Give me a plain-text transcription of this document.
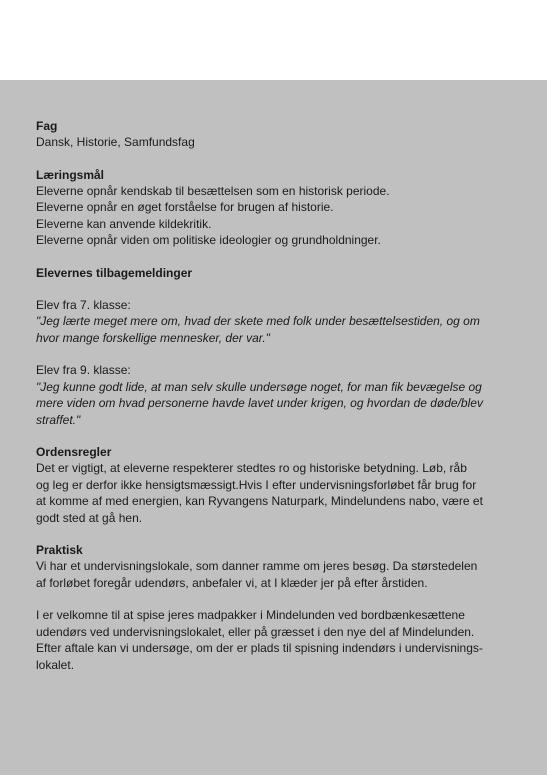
Fag
Dansk, Historie, Samfundsfag
Læringsmål
Eleverne opnår kendskab til besættelsen som en historisk periode.
Eleverne opnår en øget forståelse for brugen af historie.
Eleverne kan anvende kildekritik.
Eleverne opnår viden om politiske ideologier og grundholdninger.
Elevernes tilbagemeldinger
Elev fra 7. klasse:
"Jeg lærte meget mere om, hvad der skete med folk under besættelsestiden, og om
hvor mange forskellige mennesker, der var."
Elev fra 9. klasse:
"Jeg kunne godt lide, at man selv skulle undersøge noget, for man fik bevægelse og
mere viden om hvad personerne havde lavet under krigen, og hvordan de døde/blev
straffet."
Ordensregler
Det er vigtigt, at eleverne respekterer stedtes ro og historiske betydning. Løb, råb
og leg er derfor ikke hensigtsmæssigt.Hvis I efter undervisningsforløbet får brug for
at komme af med energien, kan Ryvangens Naturpark, Mindelundens nabo, være et
godt sted at gå hen.
Praktisk
Vi har et undervisningslokale, som danner ramme om jeres besøg. Da størstedelen
af forløbet foregår udendørs, anbefaler vi, at I klæder jer på efter årstiden.
I er velkomne til at spise jeres madpakker i Mindelunden ved bordbænkesættene
udendørs ved undervisningslokalet, eller på græsset i den nye del af Mindelunden.
Efter aftale kan vi undersøge, om der er plads til spisning indendørs i undervisnings-
lokalet.
